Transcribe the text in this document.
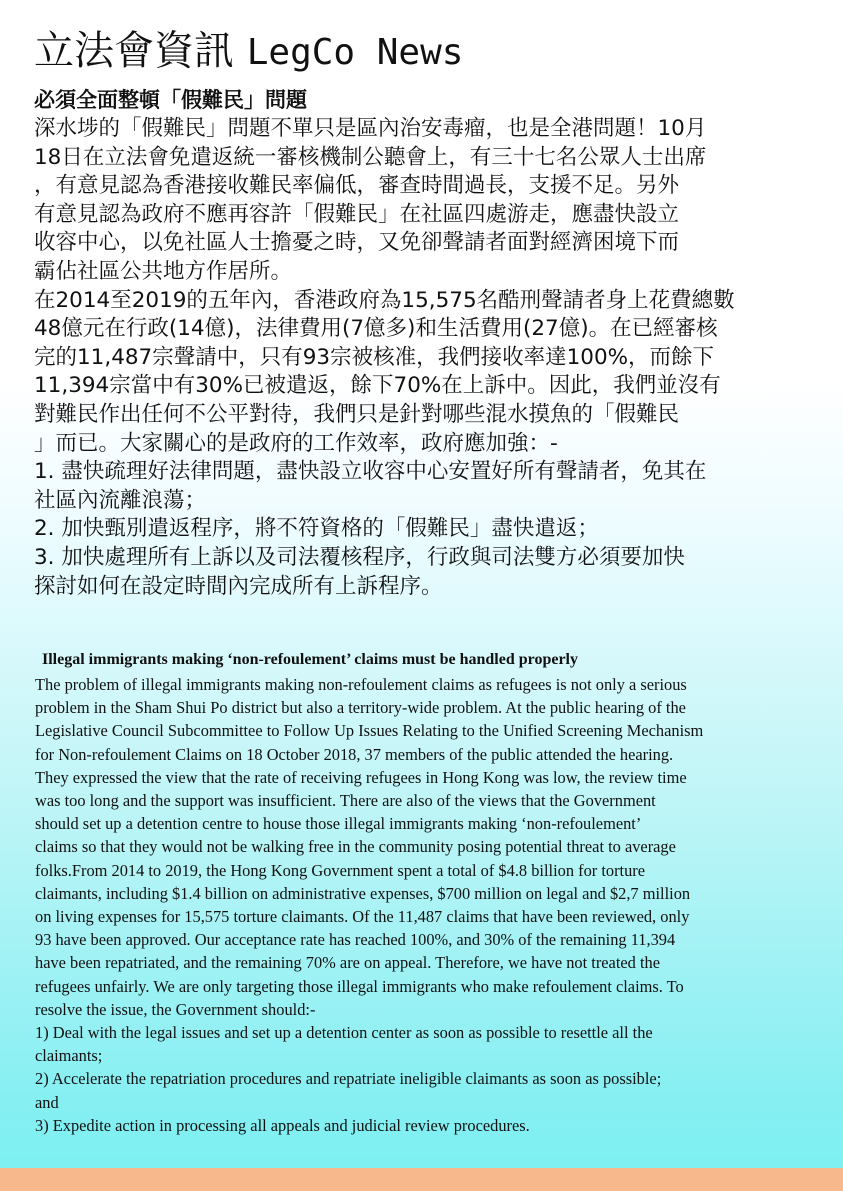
立法會資訊 LegCo News
必須全面整頓「假難民」問題

深水埗的「假難民」問題不單只是區內治安毒瘤，也是全港問題！10月

18日在立法會免遣返統一審核機制公聽會上，有三十七名公眾人士出席

，有意見認為香港接收難民率偏低，審查時間過長，支援不足。另外

有意見認為政府不應再容許「假難民」在社區四處游走，應盡快設立

收容中心，以免社區人士擔憂之時，又免卻聲請者面對經濟困境下而

霸佔社區公共地方作居所。

在2014至2019的五年內，香港政府為15,575名酷刑聲請者身上花費總數

48億元在行政(14億)，法律費用(7億多)和生活費用(27億)。在已經審核

完的11,487宗聲請中，只有93宗被核准，我們接收率達100%，而餘下

11,394宗當中有30%已被遣返，餘下70%在上訴中。因此，我們並沒有

對難民作出任何不公平對待，我們只是針對哪些混水摸魚的「假難民

」而已。大家關心的是政府的工作效率，政府應加強：-

1. 盡快疏理好法律問題，盡快設立收容中心安置好所有聲請者，免其在

社區內流離浪蕩；

2. 加快甄別遣返程序，將不符資格的「假難民」盡快遣返；

3. 加快處理所有上訴以及司法覆核程序，行政與司法雙方必須要加快

探討如何在設定時間內完成所有上訴程序。

Illegal immigrants making ‘non-refoulement’ claims must be handled properly

The problem of illegal immigrants making non-refoulement claims as refugees is not only a serious

problem in the Sham Shui Po district but also a territory-wide problem. At the public hearing of the

Legislative Council Subcommittee to Follow Up Issues Relating to the Unified Screening Mechanism

for Non-refoulement Claims on 18 October 2018, 37 members of the public attended the hearing.

They expressed the view that the rate of receiving refugees in Hong Kong was low, the review time

was too long and the support was insufficient. There are also of the views that the Government

should set up a detention centre to house those illegal immigrants making ‘non-refoulement’

claims so that they would not be walking free in the community posing potential threat to average

folks.From 2014 to 2019, the Hong Kong Government spent a total of $4.8 billion for torture

claimants, including $1.4 billion on administrative expenses, $700 million on legal and $2,7 million

on living expenses for 15,575 torture claimants. Of the 11,487 claims that have been reviewed, only

93 have been approved. Our acceptance rate has reached 100%, and 30% of the remaining 11,394

have been repatriated, and the remaining 70% are on appeal. Therefore, we have not treated the

refugees unfairly. We are only targeting those illegal immigrants who make refoulement claims. To

resolve the issue, the Government should:-

1) Deal with the legal issues and set up a detention center as soon as possible to resettle all the

claimants;

2) Accelerate the repatriation procedures and repatriate ineligible claimants as soon as possible;

and

3) Expedite action in processing all appeals and judicial review procedures.
